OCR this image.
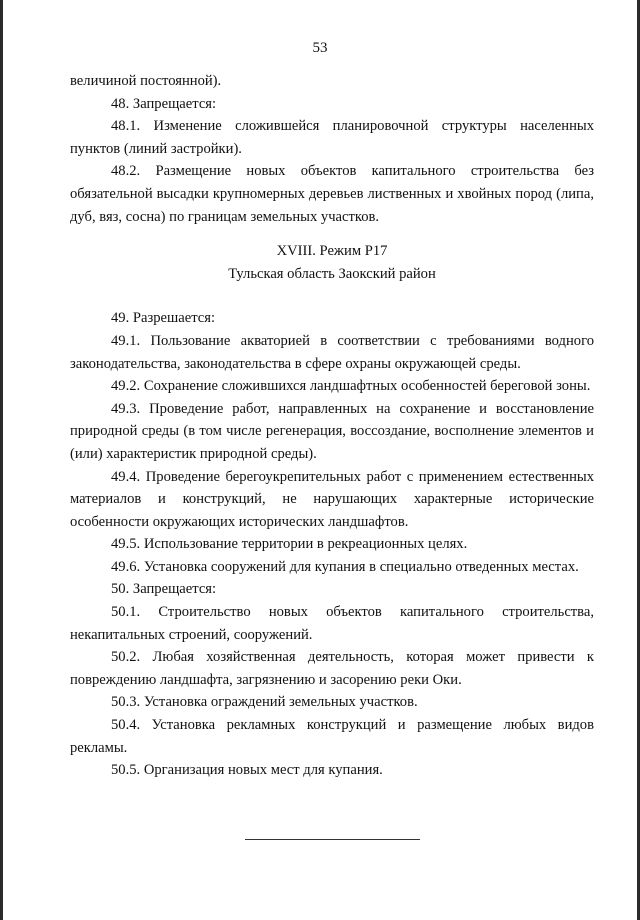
53

величиной постоянной).

48. Запрещается:

48.1. Изменение сложившейся планировочной структуры населенных пунктов (линий застройки).

48.2. Размещение новых объектов капитального строительства без обязательной высадки крупномерных деревьев лиственных и хвойных пород (липа, дуб, вяз, сосна) по границам земельных участков.

XVIII. Режим Р17

Тульская область Заокский район

49. Разрешается:

49.1. Пользование акваторией в соответствии с требованиями водного законодательства, законодательства в сфере охраны окружающей среды.

49.2. Сохранение сложившихся ландшафтных особенностей береговой зоны.

49.3. Проведение работ, направленных на сохранение и восстановление природной среды (в том числе регенерация, воссоздание, восполнение элементов и (или) характеристик природной среды).

49.4. Проведение берегоукрепительных работ с применением естественных материалов и конструкций, не нарушающих характерные исторические особенности окружающих исторических ландшафтов.

49.5. Использование территории в рекреационных целях.

49.6. Установка сооружений для купания в специально отведенных местах.

50. Запрещается:

50.1. Строительство новых объектов капитального строительства, некапитальных строений, сооружений.

50.2. Любая хозяйственная деятельность, которая может привести к повреждению ландшафта, загрязнению и засорению реки Оки.

50.3. Установка ограждений земельных участков.

50.4. Установка рекламных конструкций и размещение любых видов рекламы.

50.5. Организация новых мест для купания.
